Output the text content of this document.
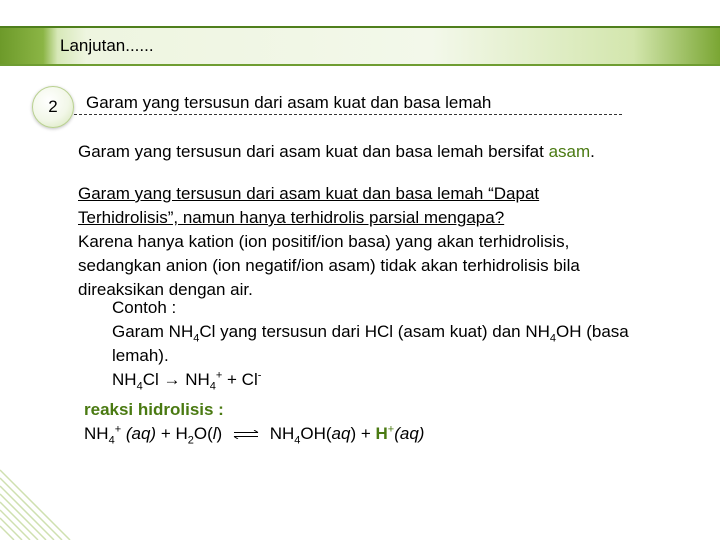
Lanjutan......
2	Garam yang tersusun dari asam kuat dan basa lemah
Garam yang tersusun dari asam kuat dan basa lemah bersifat asam.
Garam yang tersusun dari asam kuat dan basa lemah “Dapat
Terhidrolisis”, namun hanya terhidrolis parsial mengapa?
Karena hanya kation (ion positif/ion basa) yang akan terhidrolisis,
sedangkan anion (ion negatif/ion asam) tidak akan terhidrolisis bila
direaksikan dengan air.
Contoh :
Garam $NH_4Cl$ yang tersusun dari HCl (asam kuat) dan $NH_4OH$ (basa
lemah).
$NH_4Cl \to NH_4^+ + Cl^-$
reaksi hidrolisis :
$NH_4^+$ $(aq) + H_2O(l)$ ⇌ $NH_4OH(aq) + H^+(aq)$
